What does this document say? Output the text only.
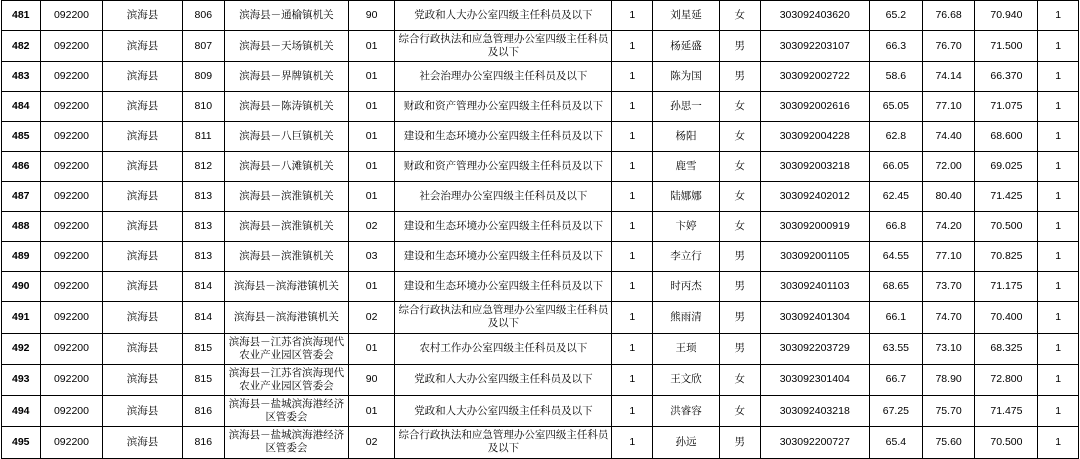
481	092200	滨海县	806	滨海县－通榆镇机关	90	党政和人大办公室四级主任科员及以下	1	刘星延	女	303092403620	65.2	76.68	70.940	1
482	092200	滨海县	807	滨海县－天场镇机关	01	综合行政执法和应急管理办公室四级主任科员及以下	1	杨延盛	男	303092203107	66.3	76.70	71.500	1
483	092200	滨海县	809	滨海县－界牌镇机关	01	社会治理办公室四级主任科员及以下	1	陈为国	男	303092002722	58.6	74.14	66.370	1
484	092200	滨海县	810	滨海县－陈涛镇机关	01	财政和资产管理办公室四级主任科员及以下	1	孙思一	女	303092002616	65.05	77.10	71.075	1
485	092200	滨海县	811	滨海县－八巨镇机关	01	建设和生态环境办公室四级主任科员及以下	1	杨阳	女	303092004228	62.8	74.40	68.600	1
486	092200	滨海县	812	滨海县－八滩镇机关	01	财政和资产管理办公室四级主任科员及以下	1	鹿雪	女	303092003218	66.05	72.00	69.025	1
487	092200	滨海县	813	滨海县－滨淮镇机关	01	社会治理办公室四级主任科员及以下	1	陆娜娜	女	303092402012	62.45	80.40	71.425	1
488	092200	滨海县	813	滨海县－滨淮镇机关	02	建设和生态环境办公室四级主任科员及以下	1	卞婷	女	303092000919	66.8	74.20	70.500	1
489	092200	滨海县	813	滨海县－滨淮镇机关	03	建设和生态环境办公室四级主任科员及以下	1	李立行	男	303092001105	64.55	77.10	70.825	1
490	092200	滨海县	814	滨海县－滨海港镇机关	01	建设和生态环境办公室四级主任科员及以下	1	时丙杰	男	303092401103	68.65	73.70	71.175	1
491	092200	滨海县	814	滨海县－滨海港镇机关	02	综合行政执法和应急管理办公室四级主任科员及以下	1	熊雨清	男	303092401304	66.1	74.70	70.400	1
492	092200	滨海县	815	滨海县－江苏省滨海现代农业产业园区管委会	01	农村工作办公室四级主任科员及以下	1	王顼	男	303092203729	63.55	73.10	68.325	1
493	092200	滨海县	815	滨海县－江苏省滨海现代农业产业园区管委会	90	党政和人大办公室四级主任科员及以下	1	王文欣	女	303092301404	66.7	78.90	72.800	1
494	092200	滨海县	816	滨海县－盐城滨海港经济区管委会	01	党政和人大办公室四级主任科员及以下	1	洪睿容	女	303092403218	67.25	75.70	71.475	1
495	092200	滨海县	816	滨海县－盐城滨海港经济区管委会	02	综合行政执法和应急管理办公室四级主任科员及以下	1	孙远	男	303092200727	65.4	75.60	70.500	1
